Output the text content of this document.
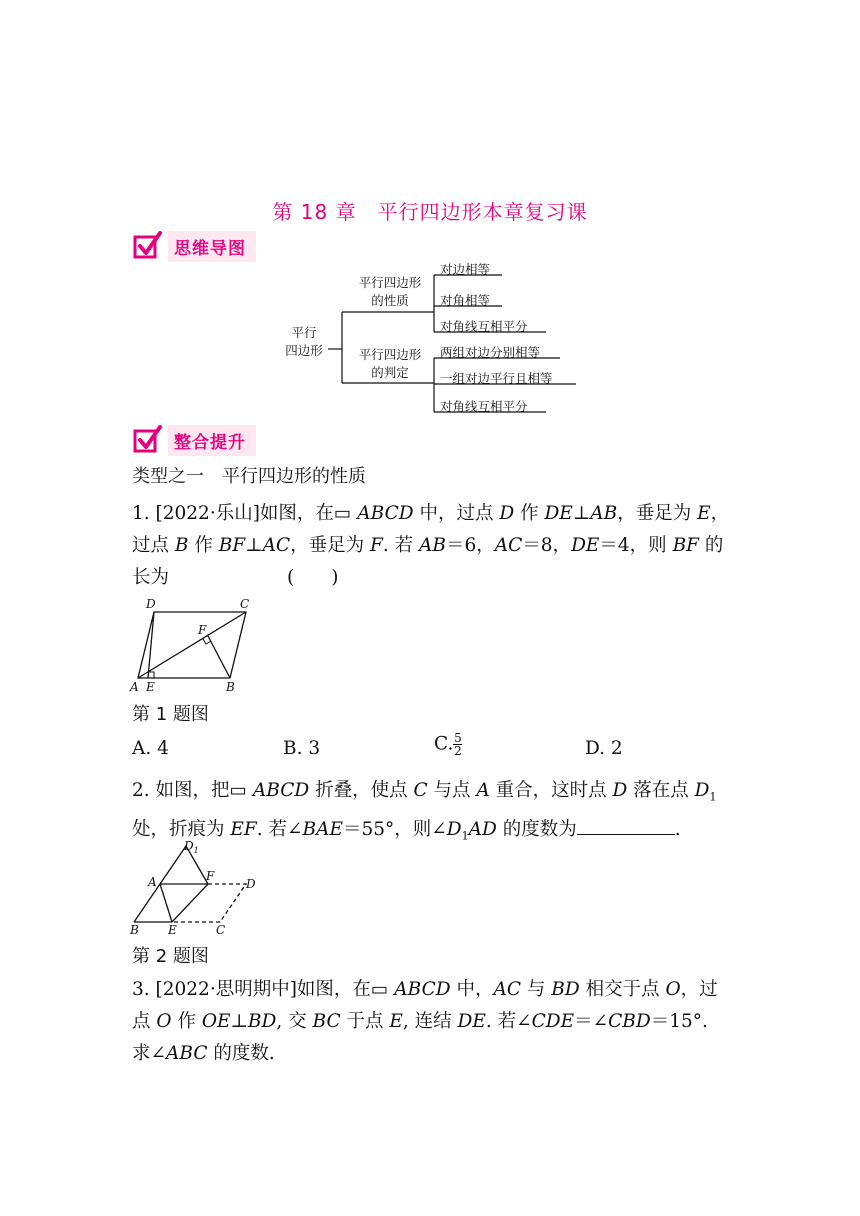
第 18 章　平行四边形本章复习课
思维导图
平行
四边形
平行四边形
的性质
平行四边形
的判定
对边相等
对角相等
对角线互相平分
两组对边分别相等
一组对边平行且相等
对角线互相平分
整合提升
类型之一　平行四边形的性质
1. [2022·乐山]如图，在▭ ABCD 中，过点 D 作 DE⊥AB，垂足为 E，
过点 B 作 BF⊥AC，垂足为 F. 若 AB＝6，AC＝8，DE＝4，则 BF 的
长为	(　　)
D	C
F
A E	B
第 1 题图
A. 4	B. 3	C. $\frac{5}{2}$	D. 2
2. 如图，把▭ ABCD 折叠，使点 C 与点 A 重合，这时点 D 落在点 $D_1$
处，折痕为 EF. 若∠BAE＝55°，则$\angle D_1AD$ 的度数为	.
$D_1$
A	F
D
B E	C
第 2 题图
3. [2022·思明期中]如图，在▭ ABCD 中，AC 与 BD 相交于点 O，过
点 O 作 OE⊥BD, 交 BC 于点 E, 连结 DE. 若∠CDE＝∠CBD＝15°.
求∠ABC 的度数.
